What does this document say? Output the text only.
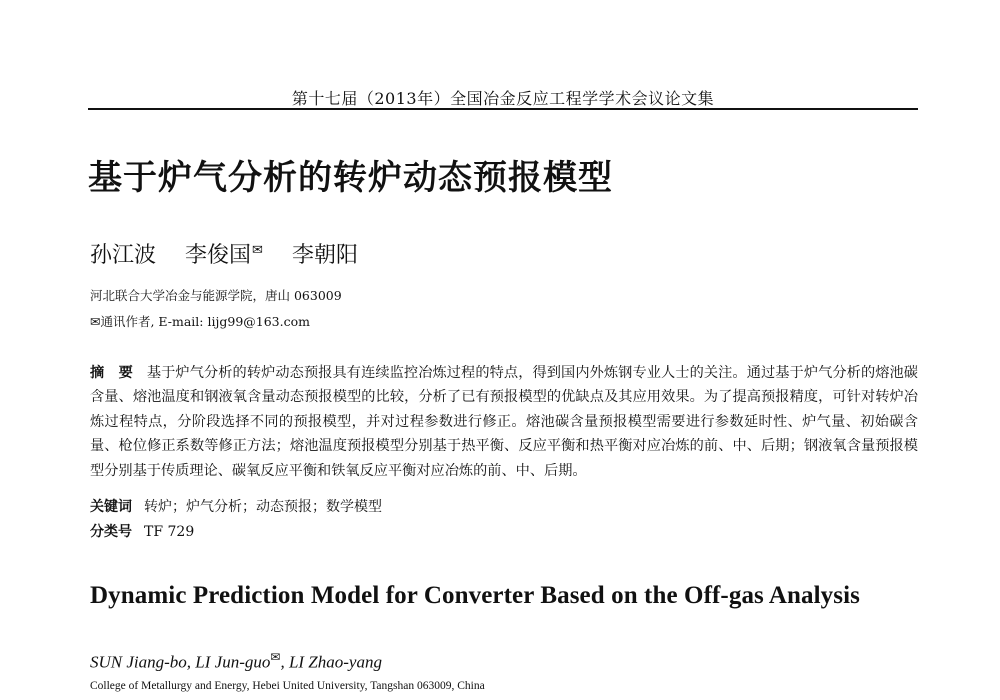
第十七届（2013年）全国冶金反应工程学学术会议论文集
基于炉气分析的转炉动态预报模型
孙江波 李俊国✉ 李朝阳
河北联合大学冶金与能源学院，唐山 063009
✉通讯作者, E-mail: lijg99@163.com
摘　要 基于炉气分析的转炉动态预报具有连续监控冶炼过程的特点，得到国内外炼钢专业人士的关注。通过基于炉气分析的熔池碳含量、熔池温度和钢液氧含量动态预报模型的比较，分析了已有预报模型的优缺点及其应用效果。为了提高预报精度，可针对转炉冶炼过程特点，分阶段选择不同的预报模型，并对过程参数进行修正。熔池碳含量预报模型需要进行参数延时性、炉气量、初始碳含量、枪位修正系数等修正方法；熔池温度预报模型分别基于热平衡、反应平衡和热平衡对应冶炼的前、中、后期；钢液氧含量预报模型分别基于传质理论、碳氧反应平衡和铁氧反应平衡对应冶炼的前、中、后期。
关键词 转炉；炉气分析；动态预报；数学模型
分类号 TF 729
Dynamic Prediction Model for Converter Based on the Off-gas Analysis
SUN Jiang-bo, LI Jun-guo✉, LI Zhao-yang
College of Metallurgy and Energy, Hebei United University, Tangshan 063009, China
